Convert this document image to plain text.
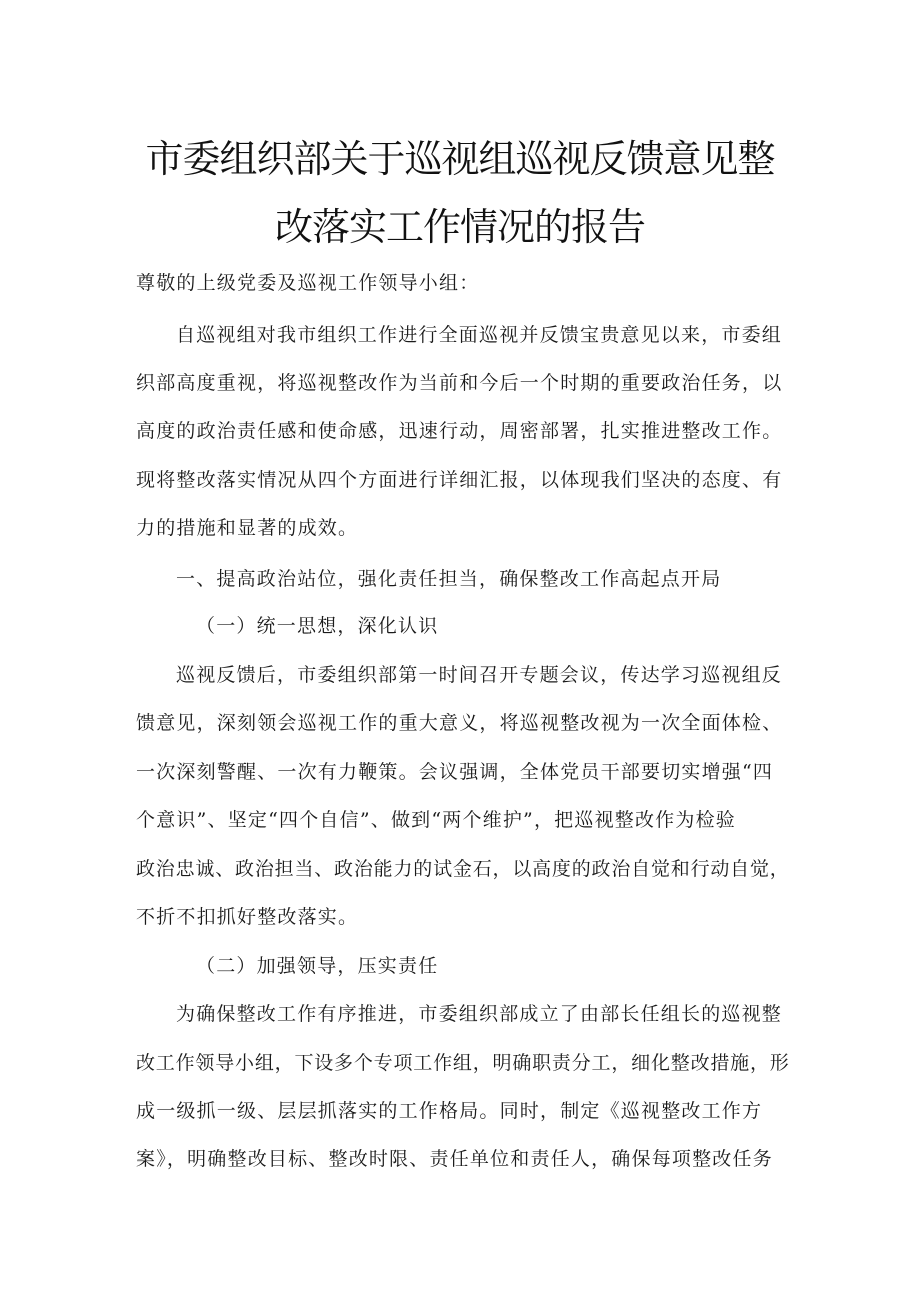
市委组织部关于巡视组巡视反馈意见整
改落实工作情况的报告
尊敬的上级党委及巡视工作领导小组：
自巡视组对我市组织工作进行全面巡视并反馈宝贵意见以来，市委组
织部高度重视，将巡视整改作为当前和今后一个时期的重要政治任务，以
高度的政治责任感和使命感，迅速行动，周密部署，扎实推进整改工作。
现将整改落实情况从四个方面进行详细汇报，以体现我们坚决的态度、有
力的措施和显著的成效。
一、提高政治站位，强化责任担当，确保整改工作高起点开局
（一）统一思想，深化认识
巡视反馈后，市委组织部第一时间召开专题会议，传达学习巡视组反
馈意见，深刻领会巡视工作的重大意义，将巡视整改视为一次全面体检、
一次深刻警醒、一次有力鞭策。会议强调，全体党员干部要切实增强“四
个意识”、坚定“四个自信”、做到“两个维护”，把巡视整改作为检验
政治忠诚、政治担当、政治能力的试金石，以高度的政治自觉和行动自觉，
不折不扣抓好整改落实。
（二）加强领导，压实责任
为确保整改工作有序推进，市委组织部成立了由部长任组长的巡视整
改工作领导小组，下设多个专项工作组，明确职责分工，细化整改措施，形
成一级抓一级、层层抓落实的工作格局。同时，制定《巡视整改工作方
案》，明确整改目标、整改时限、责任单位和责任人，确保每项整改任务
